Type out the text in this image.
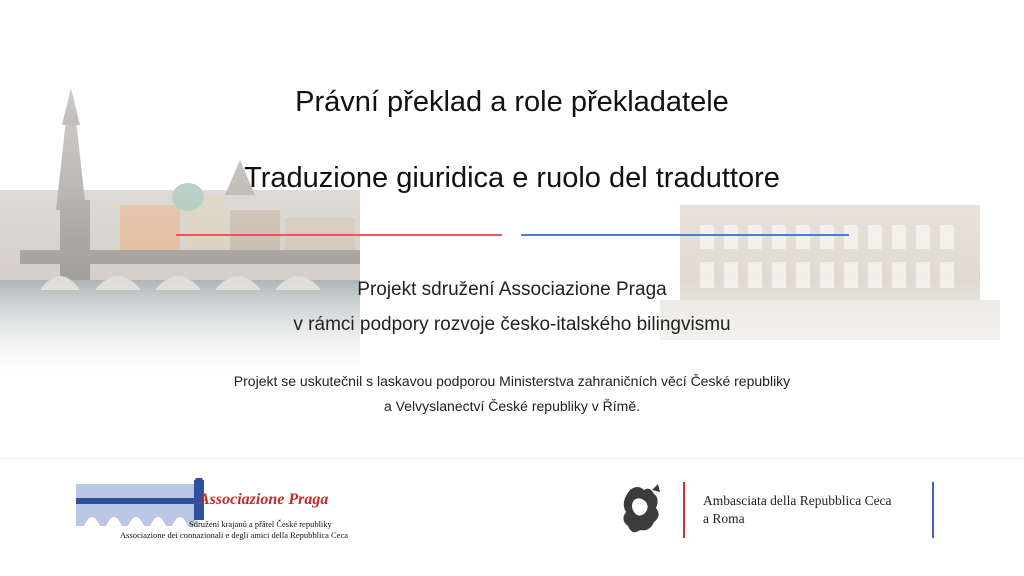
Právní překlad a role překladatele
Traduzione giuridica e ruolo del traduttore
Projekt sdružení Associazione Praga
v rámci podpory rozvoje česko-italského bilingvismu
Projekt se uskutečnil s laskavou podporou Ministerstva zahraničních věcí České republiky
a Velvyslanectví České republiky v Římě.
Associazione Praga
Sdružení krajanů a přátel České republiky
Associazione dei connazionali e degli amici della Repubblica Ceca
Ambasciata della Repubblica Ceca
a Roma
